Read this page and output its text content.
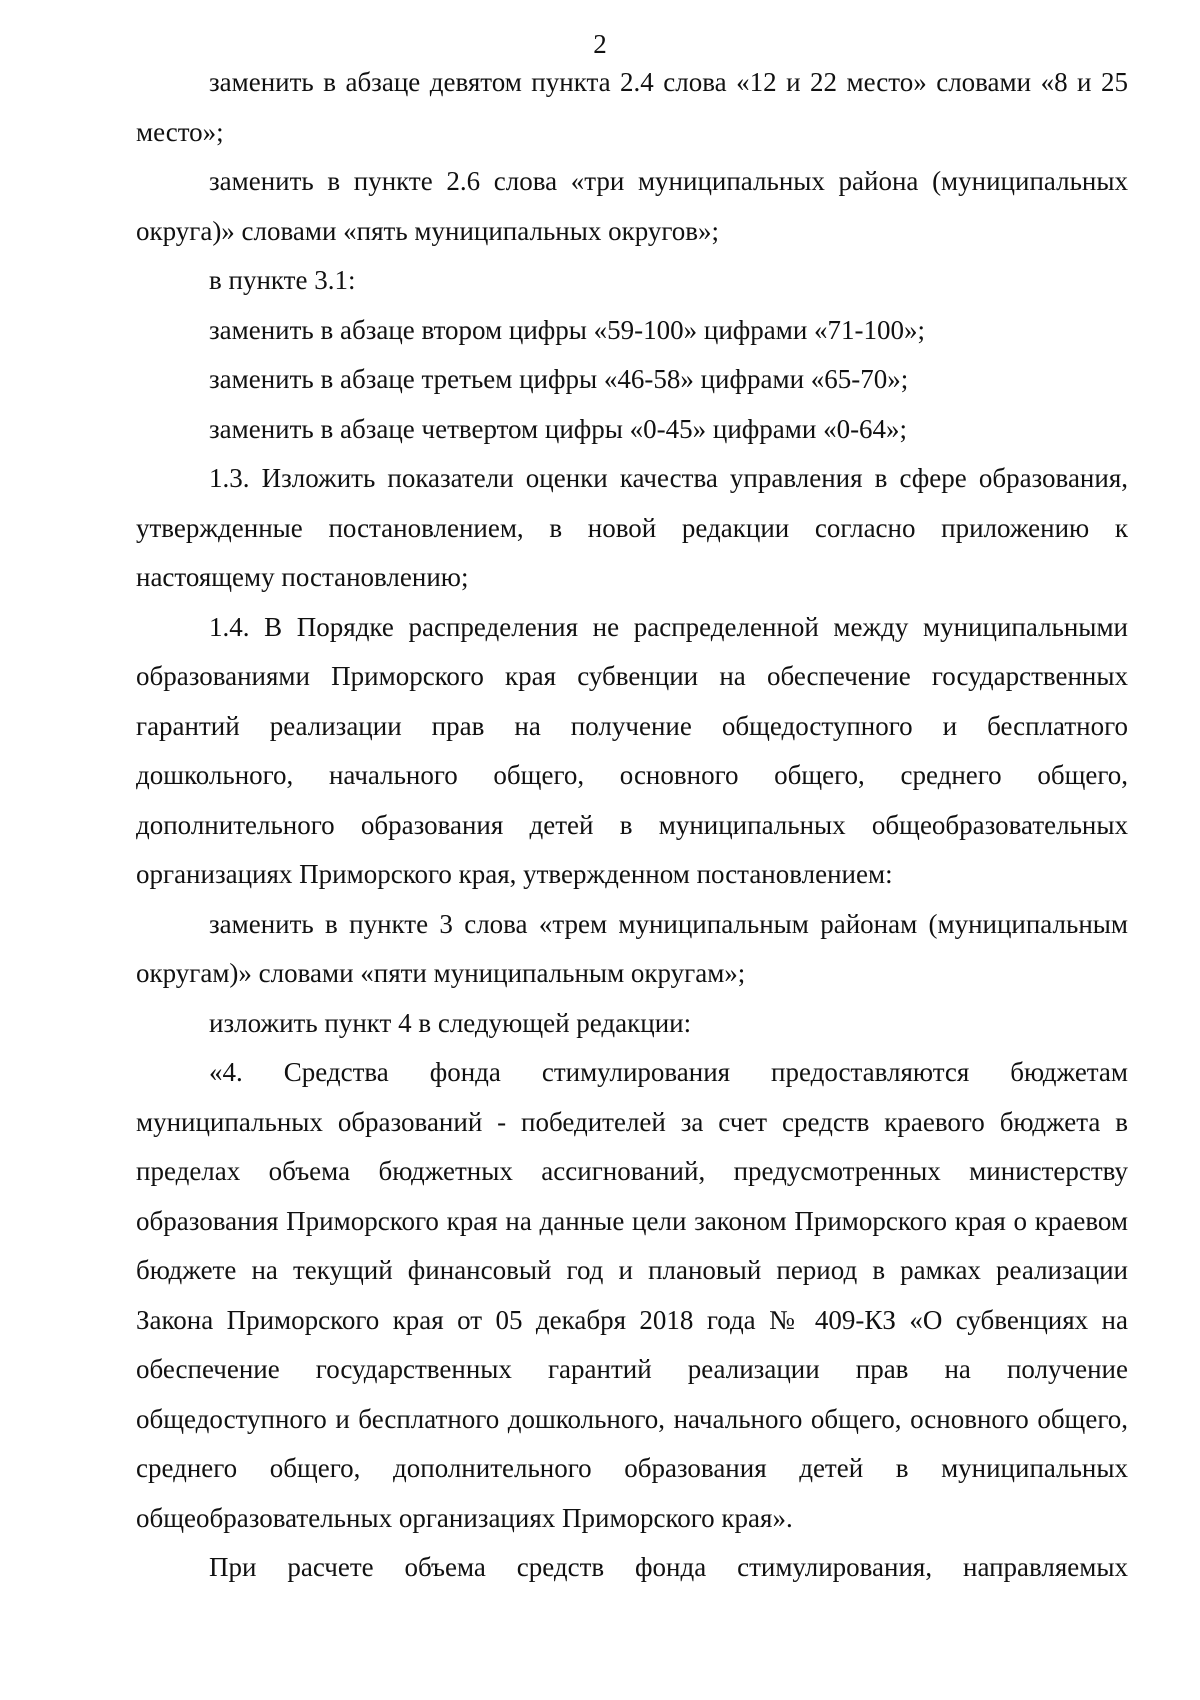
2

заменить в абзаце девятом пункта 2.4 слова «12 и 22 место» словами «8 и 25 место»;

заменить в пункте 2.6 слова «три муниципальных района (муниципальных округа)» словами «пять муниципальных округов»;

в пункте 3.1:

заменить в абзаце втором цифры «59-100» цифрами «71-100»;

заменить в абзаце третьем цифры «46-58» цифрами «65-70»;

заменить в абзаце четвертом цифры «0-45» цифрами «0-64»;

1.3. Изложить показатели оценки качества управления в сфере образования, утвержденные постановлением, в новой редакции согласно приложению к настоящему постановлению;

1.4. В Порядке распределения не распределенной между муниципальными образованиями Приморского края субвенции на обеспечение государственных гарантий реализации прав на получение общедоступного и бесплатного дошкольного, начального общего, основного общего, среднего общего, дополнительного образования детей в муниципальных общеобразовательных организациях Приморского края, утвержденном постановлением:

заменить в пункте 3 слова «трем муниципальным районам (муниципальным округам)» словами «пяти муниципальным округам»;

изложить пункт 4 в следующей редакции:

«4. Средства фонда стимулирования предоставляются бюджетам муниципальных образований - победителей за счет средств краевого бюджета в пределах объема бюджетных ассигнований, предусмотренных министерству образования Приморского края на данные цели законом Приморского края о краевом бюджете на текущий финансовый год и плановый период в рамках реализации Закона Приморского края от 05 декабря 2018 года № 409-КЗ «О субвенциях на обеспечение государственных гарантий реализации прав на получение общедоступного и бесплатного дошкольного, начального общего, основного общего, среднего общего, дополнительного образования детей в муниципальных общеобразовательных организациях Приморского края».

При расчете объема средств фонда стимулирования, направляемых
